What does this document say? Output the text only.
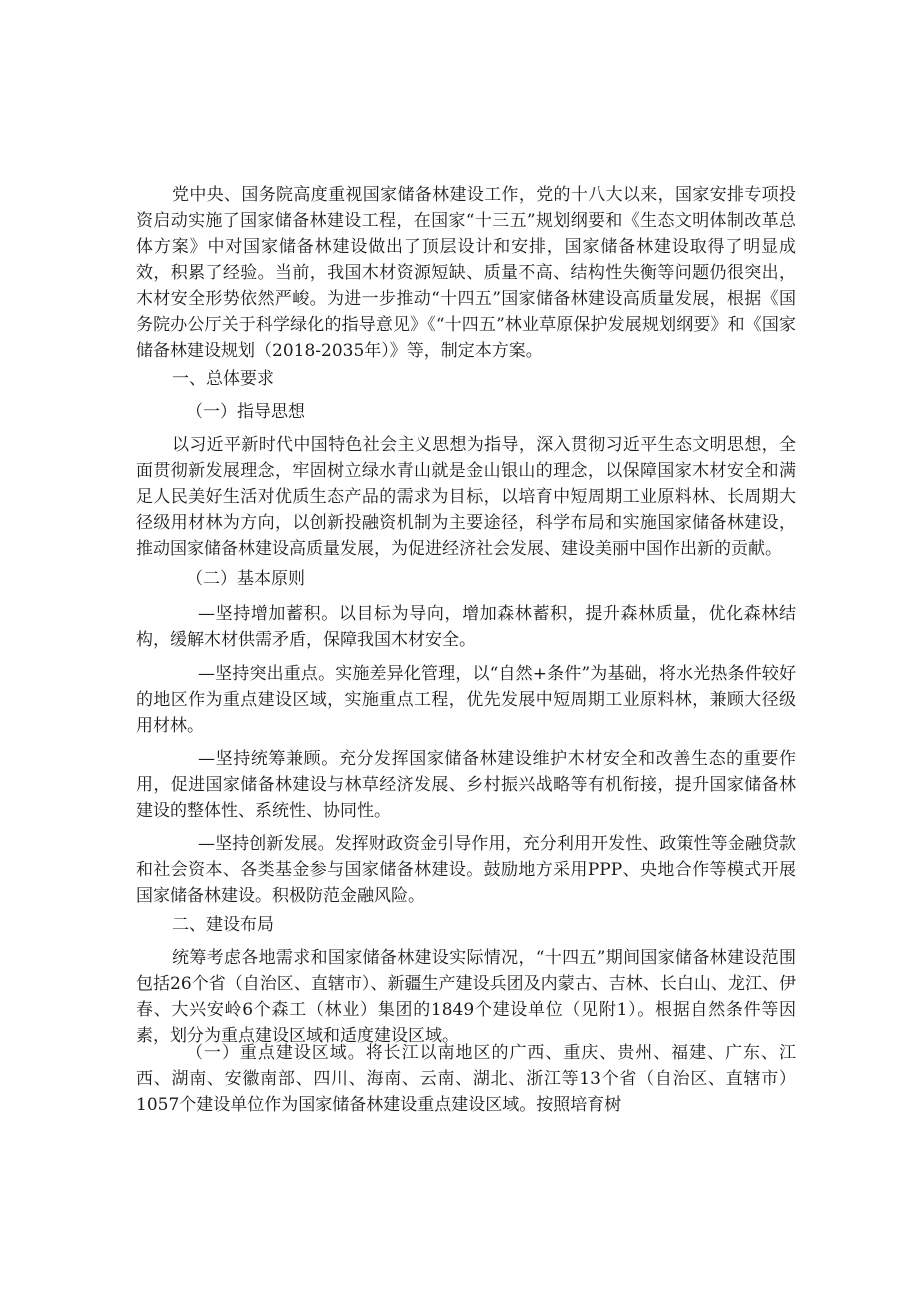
党中央、国务院高度重视国家储备林建设工作，党的十八大以来，国家安排专项投资启动实施了国家储备林建设工程，在国家“十三五”规划纲要和《生态文明体制改革总体方案》中对国家储备林建设做出了顶层设计和安排，国家储备林建设取得了明显成效，积累了经验。当前，我国木材资源短缺、质量不高、结构性失衡等问题仍很突出，木材安全形势依然严峻。为进一步推动“十四五”国家储备林建设高质量发展，根据《国务院办公厅关于科学绿化的指导意见》《“十四五”林业草原保护发展规划纲要》和《国家储备林建设规划（2018-2035年）》等，制定本方案。

一、总体要求
（一）指导思想

以习近平新时代中国特色社会主义思想为指导，深入贯彻习近平生态文明思想，全面贯彻新发展理念，牢固树立绿水青山就是金山银山的理念，以保障国家木材安全和满足人民美好生活对优质生态产品的需求为目标，以培育中短周期工业原料林、长周期大径级用材林为方向，以创新投融资机制为主要途径，科学布局和实施国家储备林建设，推动国家储备林建设高质量发展，为促进经济社会发展、建设美丽中国作出新的贡献。

（二）基本原则

—坚持增加蓄积。以目标为导向，增加森林蓄积，提升森林质量，优化森林结构，缓解木材供需矛盾，保障我国木材安全。

—坚持突出重点。实施差异化管理，以“自然+条件”为基础，将水光热条件较好的地区作为重点建设区域，实施重点工程，优先发展中短周期工业原料林，兼顾大径级用材林。

—坚持统筹兼顾。充分发挥国家储备林建设维护木材安全和改善生态的重要作用，促进国家储备林建设与林草经济发展、乡村振兴战略等有机衔接，提升国家储备林建设的整体性、系统性、协同性。

—坚持创新发展。发挥财政资金引导作用，充分利用开发性、政策性等金融贷款和社会资本、各类基金参与国家储备林建设。鼓励地方采用PPP、央地合作等模式开展国家储备林建设。积极防范金融风险。

二、建设布局

统筹考虑各地需求和国家储备林建设实际情况，“十四五”期间国家储备林建设范围包括26个省（自治区、直辖市）、新疆生产建设兵团及内蒙古、吉林、长白山、龙江、伊春、大兴安岭6个森工（林业）集团的1849个建设单位（见附1）。根据自然条件等因素，划分为重点建设区域和适度建设区域。

（一）重点建设区域。将长江以南地区的广西、重庆、贵州、福建、广东、江西、湖南、安徽南部、四川、海南、云南、湖北、浙江等13个省（自治区、直辖市）1057个建设单位作为国家储备林建设重点建设区域。按照培育树
